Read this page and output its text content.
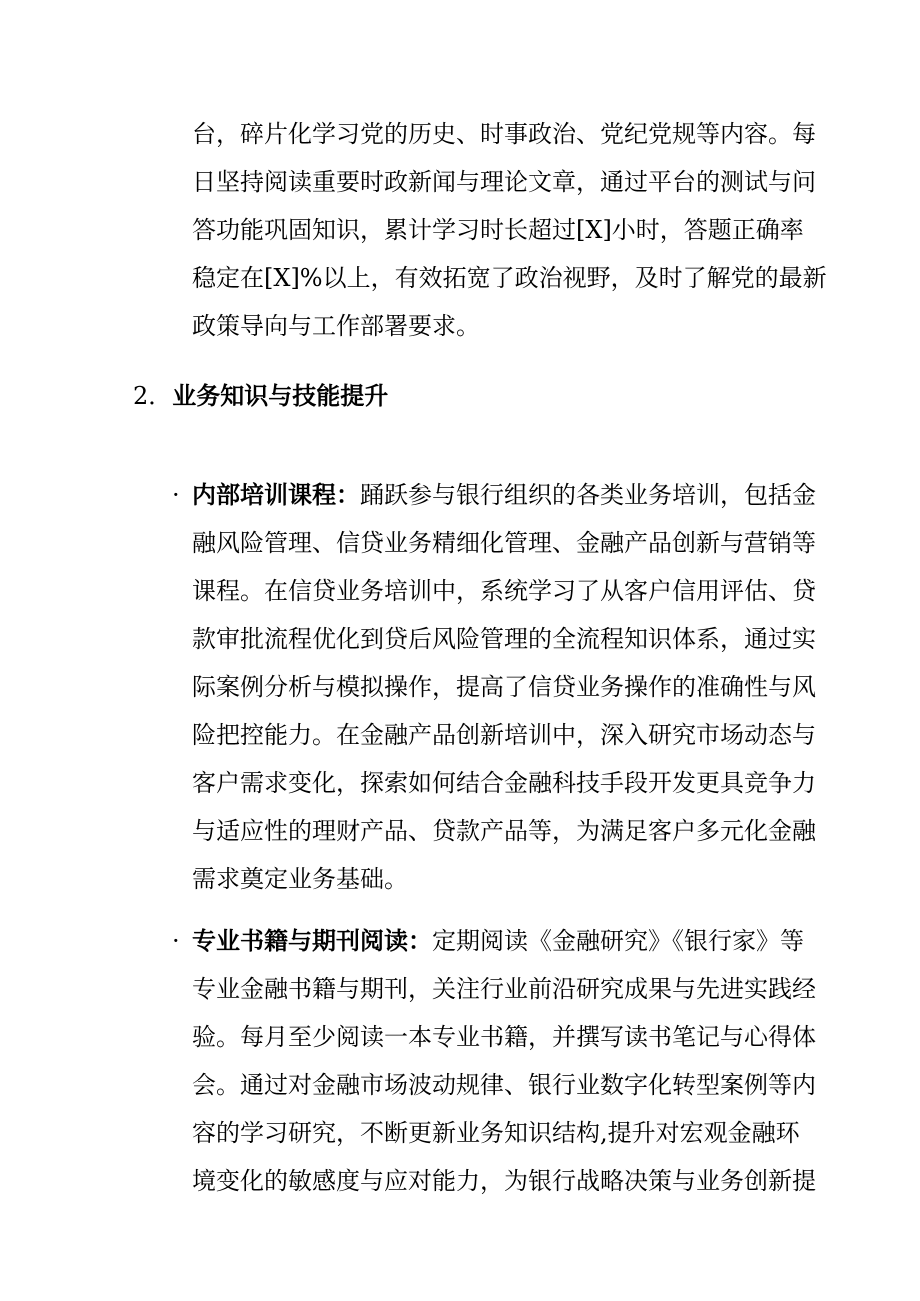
台，碎片化学习党的历史、时事政治、党纪党规等内容。每
日坚持阅读重要时政新闻与理论文章，通过平台的测试与问
答功能巩固知识，累计学习时长超过[X]小时，答题正确率
稳定在[X]%以上，有效拓宽了政治视野，及时了解党的最新
政策导向与工作部署要求。
2．业务知识与技能提升
· 内部培训课程：踊跃参与银行组织的各类业务培训，包括金
融风险管理、信贷业务精细化管理、金融产品创新与营销等
课程。在信贷业务培训中，系统学习了从客户信用评估、贷
款审批流程优化到贷后风险管理的全流程知识体系，通过实
际案例分析与模拟操作，提高了信贷业务操作的准确性与风
险把控能力。在金融产品创新培训中，深入研究市场动态与
客户需求变化，探索如何结合金融科技手段开发更具竞争力
与适应性的理财产品、贷款产品等，为满足客户多元化金融
需求奠定业务基础。
· 专业书籍与期刊阅读：定期阅读《金融研究》《银行家》等
专业金融书籍与期刊，关注行业前沿研究成果与先进实践经
验。每月至少阅读一本专业书籍，并撰写读书笔记与心得体
会。通过对金融市场波动规律、银行业数字化转型案例等内
容的学习研究，不断更新业务知识结构,提升对宏观金融环
境变化的敏感度与应对能力，为银行战略决策与业务创新提
